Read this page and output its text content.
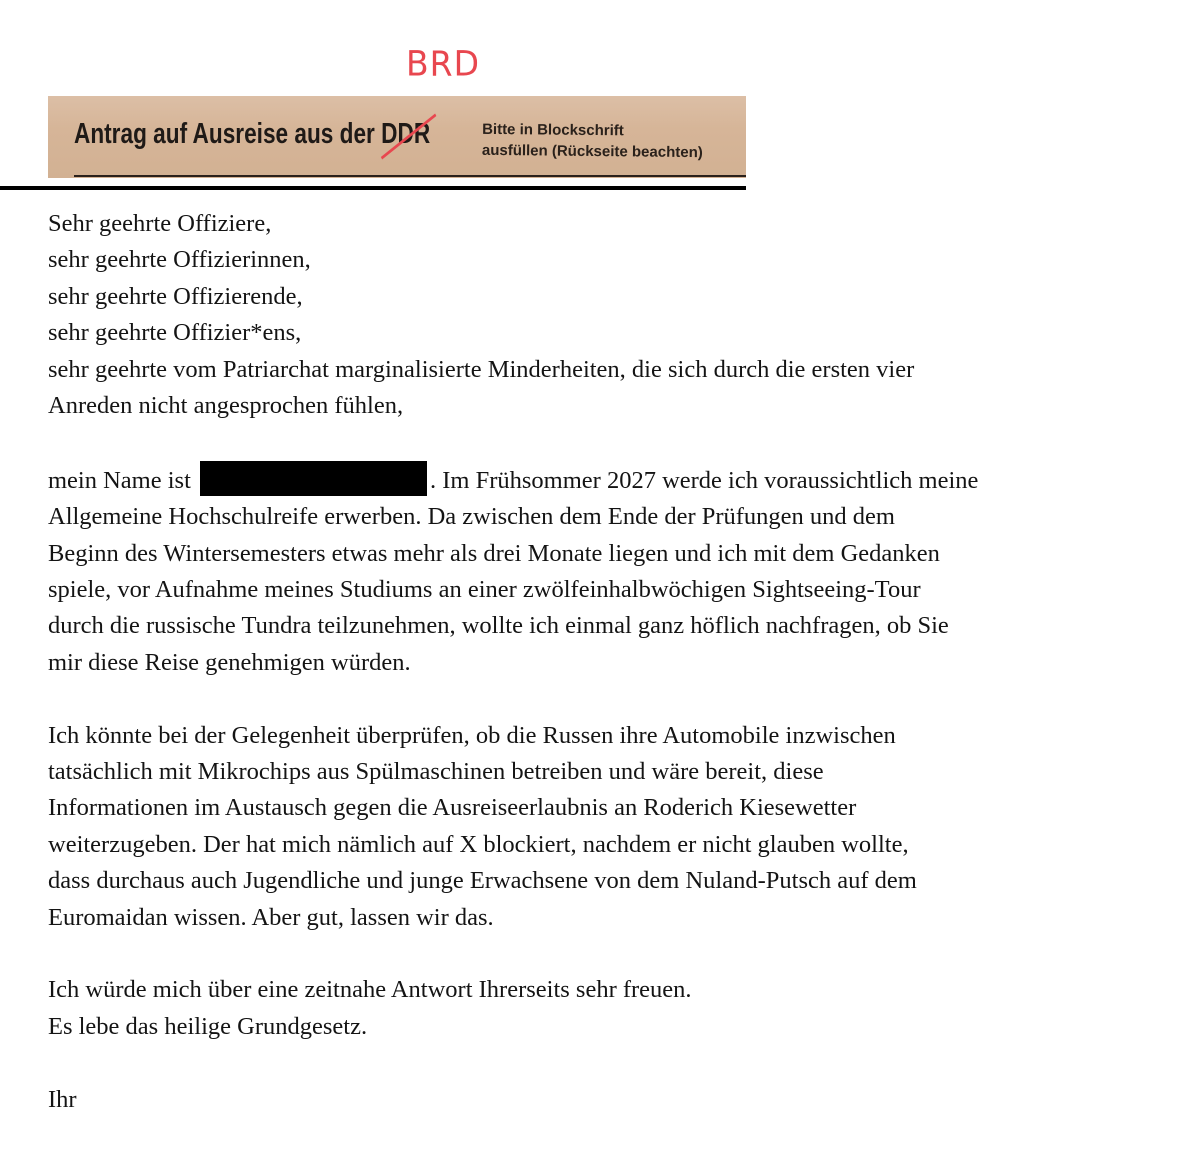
BRD
Antrag auf Ausreise aus der DDR	Bitte in Blockschrift
ausfüllen (Rückseite beachten)

Sehr geehrte Offiziere,

sehr geehrte Offizierinnen,

sehr geehrte Offizierende,

sehr geehrte Offizier*ens,

sehr geehrte vom Patriarchat marginalisierte Minderheiten, die sich durch die ersten vier

Anreden nicht angesprochen fühlen,

mein Name ist	. Im Frühsommer 2027 werde ich voraussichtlich meine

Allgemeine Hochschulreife erwerben. Da zwischen dem Ende der Prüfungen und dem

Beginn des Wintersemesters etwas mehr als drei Monate liegen und ich mit dem Gedanken

spiele, vor Aufnahme meines Studiums an einer zwölfeinhalbwöchigen Sightseeing-Tour

durch die russische Tundra teilzunehmen, wollte ich einmal ganz höflich nachfragen, ob Sie

mir diese Reise genehmigen würden.

Ich könnte bei der Gelegenheit überprüfen, ob die Russen ihre Automobile inzwischen

tatsächlich mit Mikrochips aus Spülmaschinen betreiben und wäre bereit, diese

Informationen im Austausch gegen die Ausreiseerlaubnis an Roderich Kiesewetter

weiterzugeben. Der hat mich nämlich auf X blockiert, nachdem er nicht glauben wollte,

dass durchaus auch Jugendliche und junge Erwachsene von dem Nuland-Putsch auf dem

Euromaidan wissen. Aber gut, lassen wir das.

Ich würde mich über eine zeitnahe Antwort Ihrerseits sehr freuen.

Es lebe das heilige Grundgesetz.

Ihr
